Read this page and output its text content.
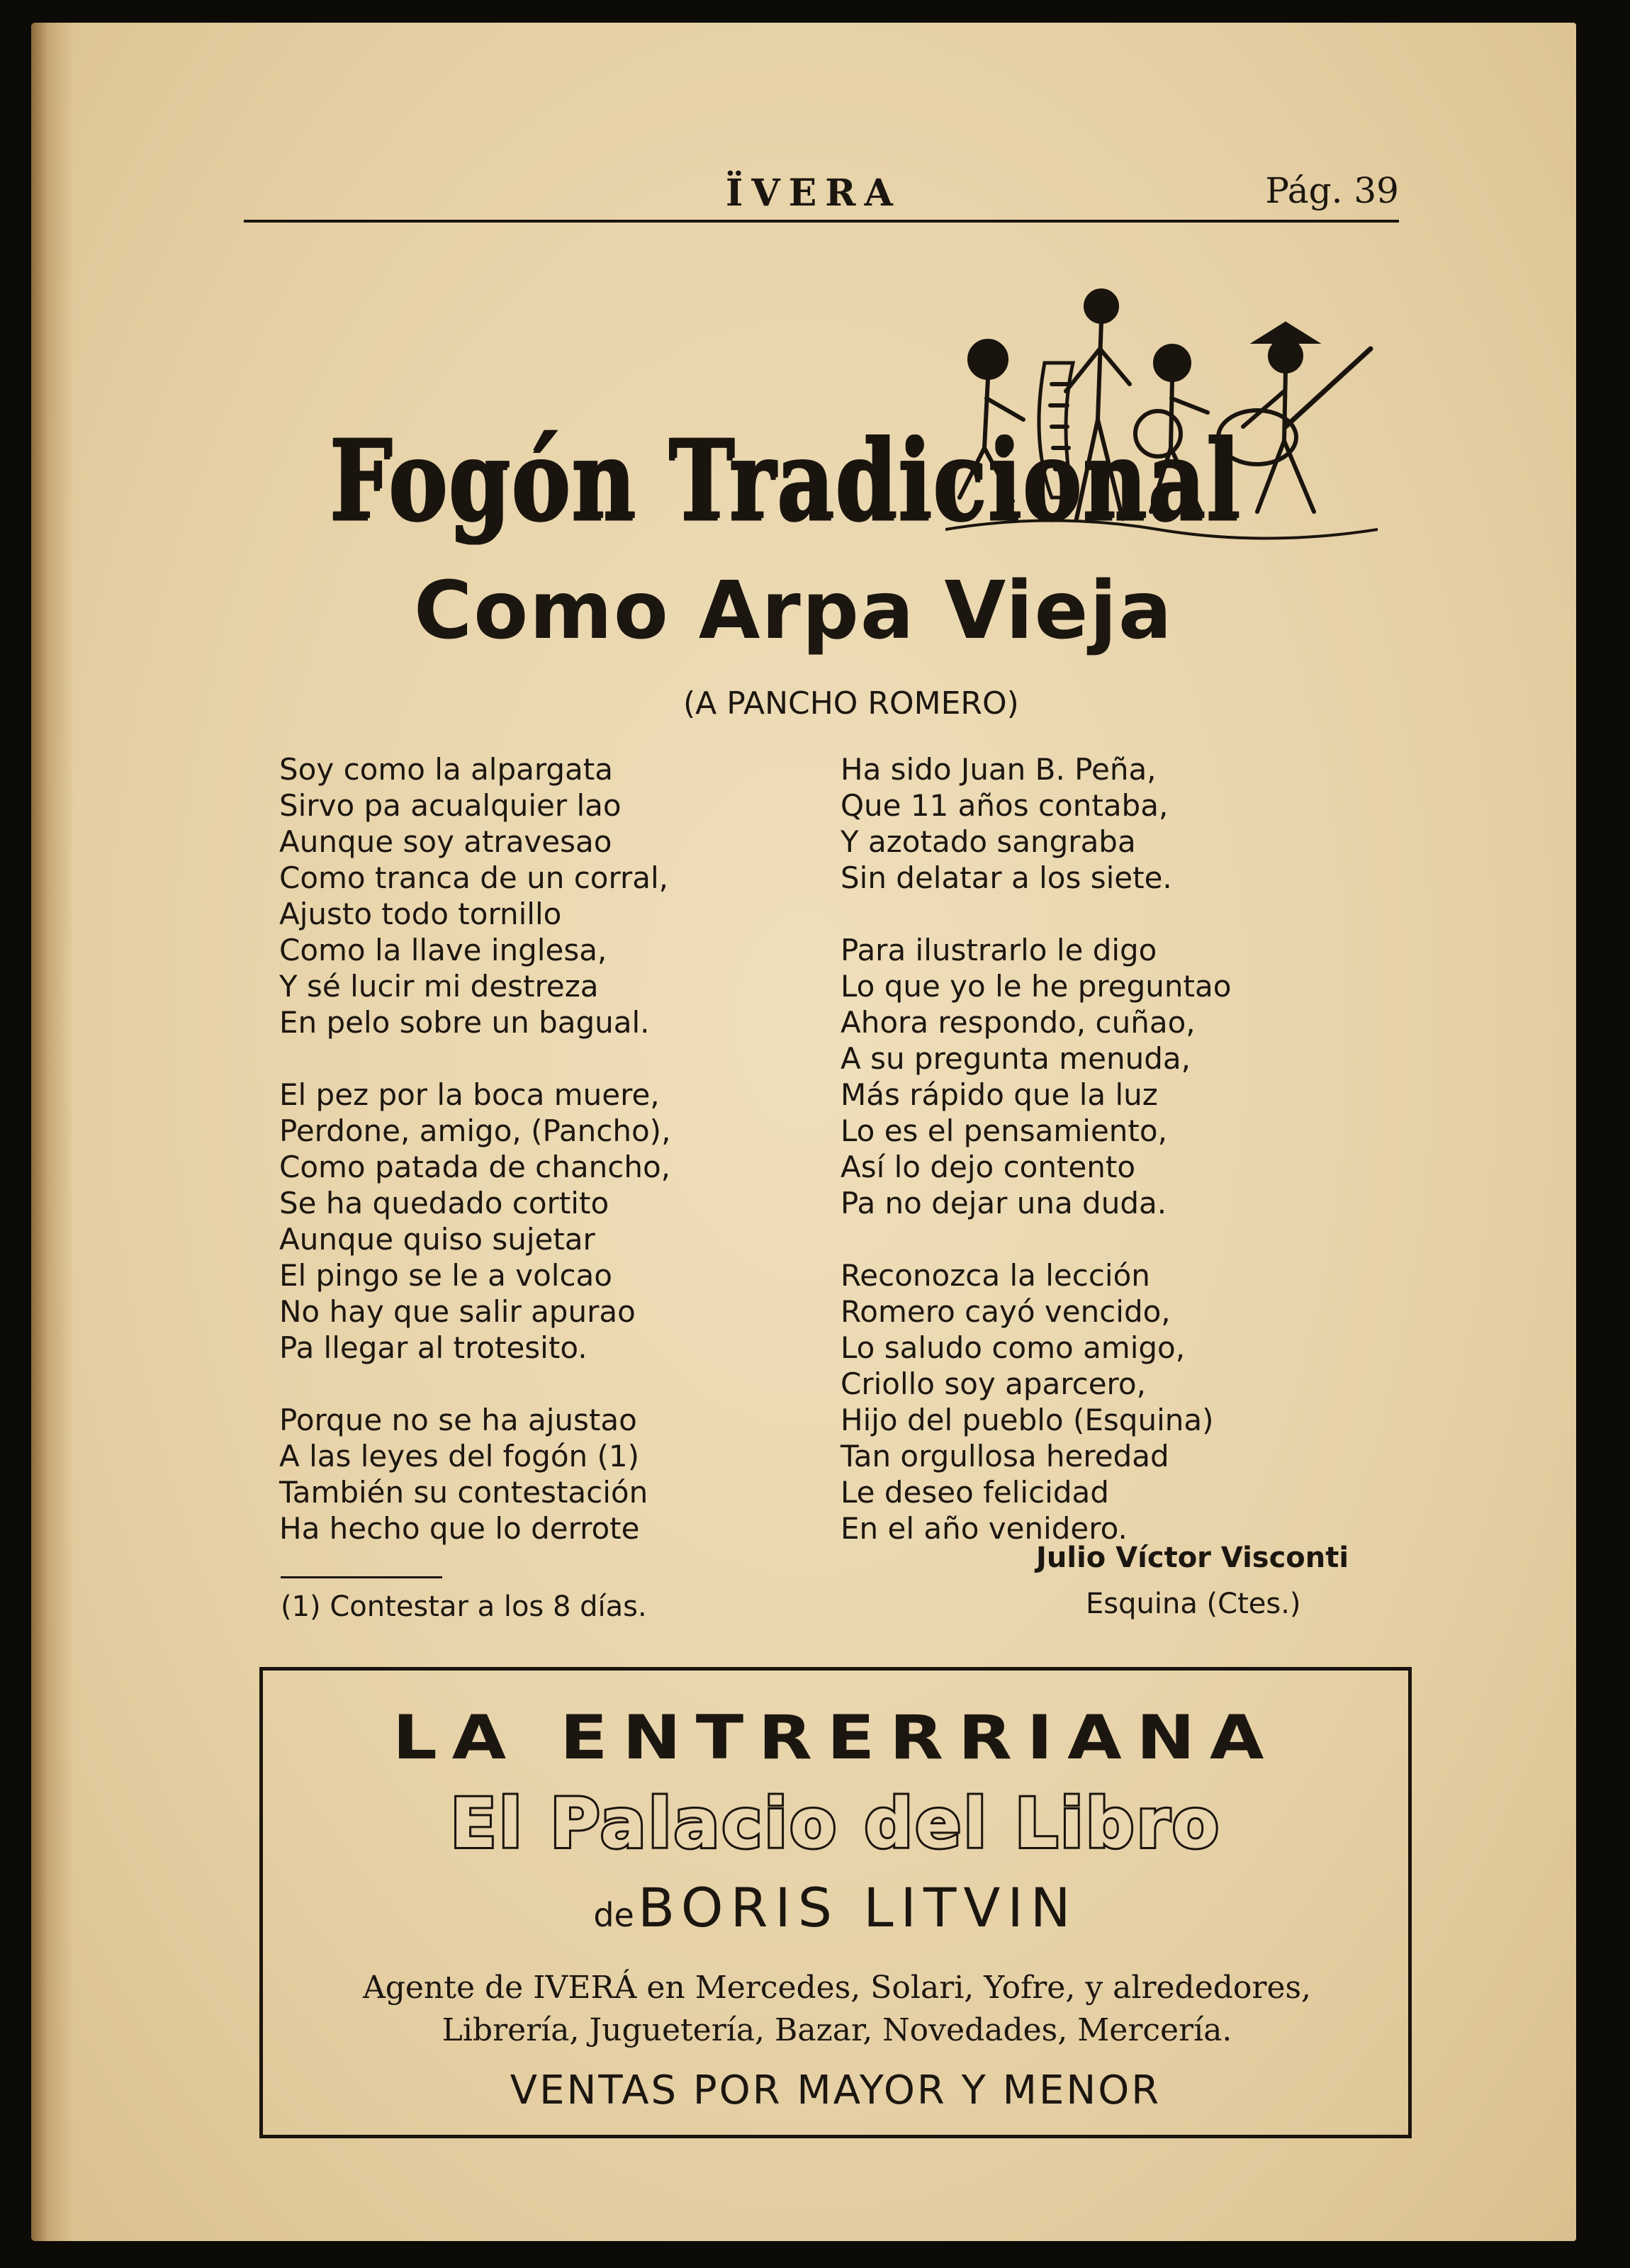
ÏVERA	Pág. 39
Fogón Tradicional
Como Arpa Vieja
(A PANCHO ROMERO)
Soy como la alpargata
Sirvo pa acualquier lao
Aunque soy atravesao
Como tranca de un corral,
Ajusto todo tornillo
Como la llave inglesa,
Y sé lucir mi destreza
En pelo sobre un bagual.
El pez por la boca muere,
Perdone, amigo, (Pancho),
Como patada de chancho,
Se ha quedado cortito
Aunque quiso sujetar
El pingo se le a volcao
No hay que salir apurao
Pa llegar al trotesito.
Porque no se ha ajustao
A las leyes del fogón (1)
También su contestación
Ha hecho que lo derrote
Ha sido Juan B. Peña,
Que 11 años contaba,
Y azotado sangraba
Sin delatar a los siete.
Para ilustrarlo le digo
Lo que yo le he preguntao
Ahora respondo, cuñao,
A su pregunta menuda,
Más rápido que la luz
Lo es el pensamiento,
Así lo dejo contento
Pa no dejar una duda.
Reconozca la lección
Romero cayó vencido,
Lo saludo como amigo,
Criollo soy aparcero,
Hijo del pueblo (Esquina)
Tan orgullosa heredad
Le deseo felicidad
En el año venidero.
Julio Víctor Visconti
Esquina (Ctes.)
(1) Contestar a los 8 días.
LA ENTRERRIANA
El Palacio del Libro
de BORIS LITVIN
Agente de IVERÁ en Mercedes, Solari, Yofre, y alrededores, Librería, Juguetería, Bazar, Novedades, Mercería.
VENTAS POR MAYOR Y MENOR
